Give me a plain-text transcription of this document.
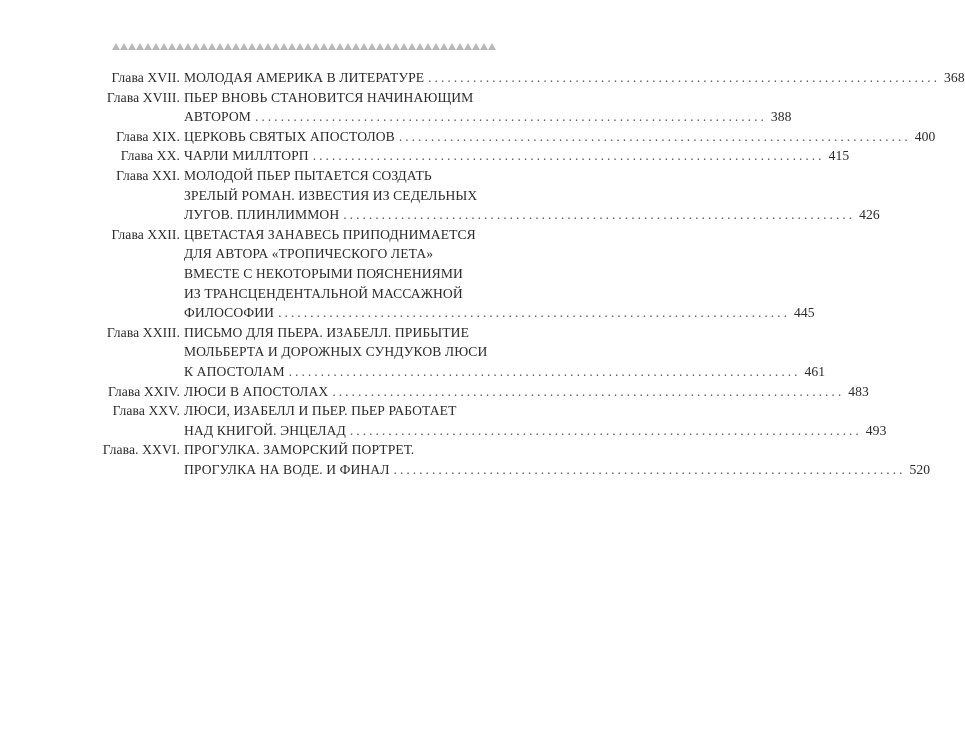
Глава XVII. МОЛОДАЯ АМЕРИКА В ЛИТЕРАТУРЕ ................................................................................ 368
Глава XVIII. ПЬЕР ВНОВЬ СТАНОВИТСЯ НАЧИНАЮЩИМ
АВТОРОМ ................................................................................ 388
Глава XIX. ЦЕРКОВЬ СВЯТЫХ АПОСТОЛОВ ................................................................................ 400
Глава XX. ЧАРЛИ МИЛЛТОРП ................................................................................ 415
Глава XXI. МОЛОДОЙ ПЬЕР ПЫТАЕТСЯ СОЗДАТЬ
ЗРЕЛЫЙ РОМАН. ИЗВЕСТИЯ ИЗ СЕДЕЛЬНЫХ
ЛУГОВ. ПЛИНЛИММОН ................................................................................ 426
Глава XXII. ЦВЕТАСТАЯ ЗАНАВЕСЬ ПРИПОДНИМАЕТСЯ
ДЛЯ АВТОРА «ТРОПИЧЕСКОГО ЛЕТА»
ВМЕСТЕ С НЕКОТОРЫМИ ПОЯСНЕНИЯМИ
ИЗ ТРАНСЦЕНДЕНТАЛЬНОЙ МАССАЖНОЙ
ФИЛОСОФИИ ................................................................................ 445
Глава XXIII. ПИСЬМО ДЛЯ ПЬЕРА. ИЗАБЕЛЛ. ПРИБЫТИЕ
МОЛЬБЕРТА И ДОРОЖНЫХ СУНДУКОВ ЛЮСИ
К АПОСТОЛАМ ................................................................................ 461
Глава XXIV. ЛЮСИ В АПОСТОЛАХ ................................................................................ 483
Глава XXV. ЛЮСИ, ИЗАБЕЛЛ И ПЬЕР. ПЬЕР РАБОТАЕТ
НАД КНИГОЙ. ЭНЦЕЛАД ................................................................................ 493
Глава. XXVI. ПРОГУЛКА. ЗАМОРСКИЙ ПОРТРЕТ.
ПРОГУЛКА НА ВОДЕ. И ФИНАЛ ................................................................................ 520
